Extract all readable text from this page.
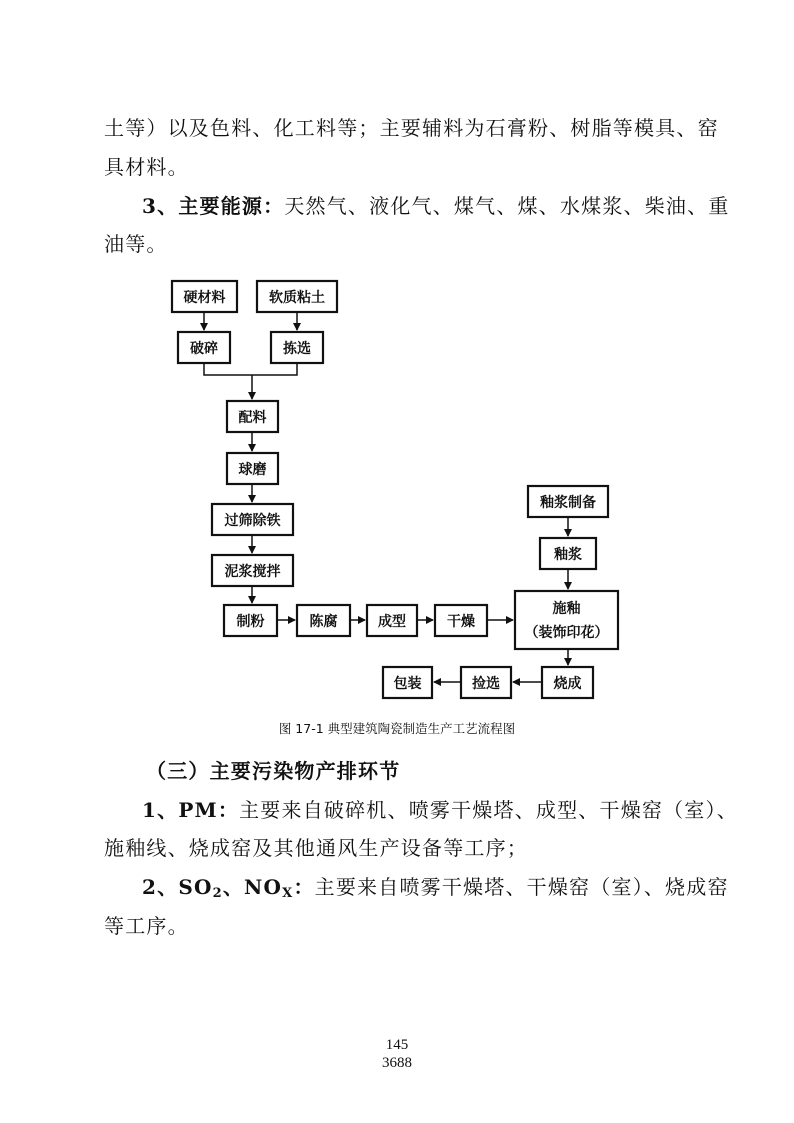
土等）以及色料、化工料等；主要辅料为石膏粉、树脂等模具、窑
具材料。
3、主要能源：天然气、液化气、煤气、煤、水煤浆、柴油、重
油等。
硬材料	软质粘土
破碎	拣选
配料
球磨
过筛除铁
泥浆搅拌
制粉	陈腐	成型	干燥
釉浆制备
釉浆
施釉
（装饰印花）
烧成
捡选
包装
图 17-1 典型建筑陶瓷制造生产工艺流程图
（三）主要污染物产排环节
1、PM：主要来自破碎机、喷雾干燥塔、成型、干燥窑（室）、
施釉线、烧成窑及其他通风生产设备等工序；
2、$SO_2$、$NO_X$：主要来自喷雾干燥塔、干燥窑（室）、烧成窑
等工序。
145
3688
